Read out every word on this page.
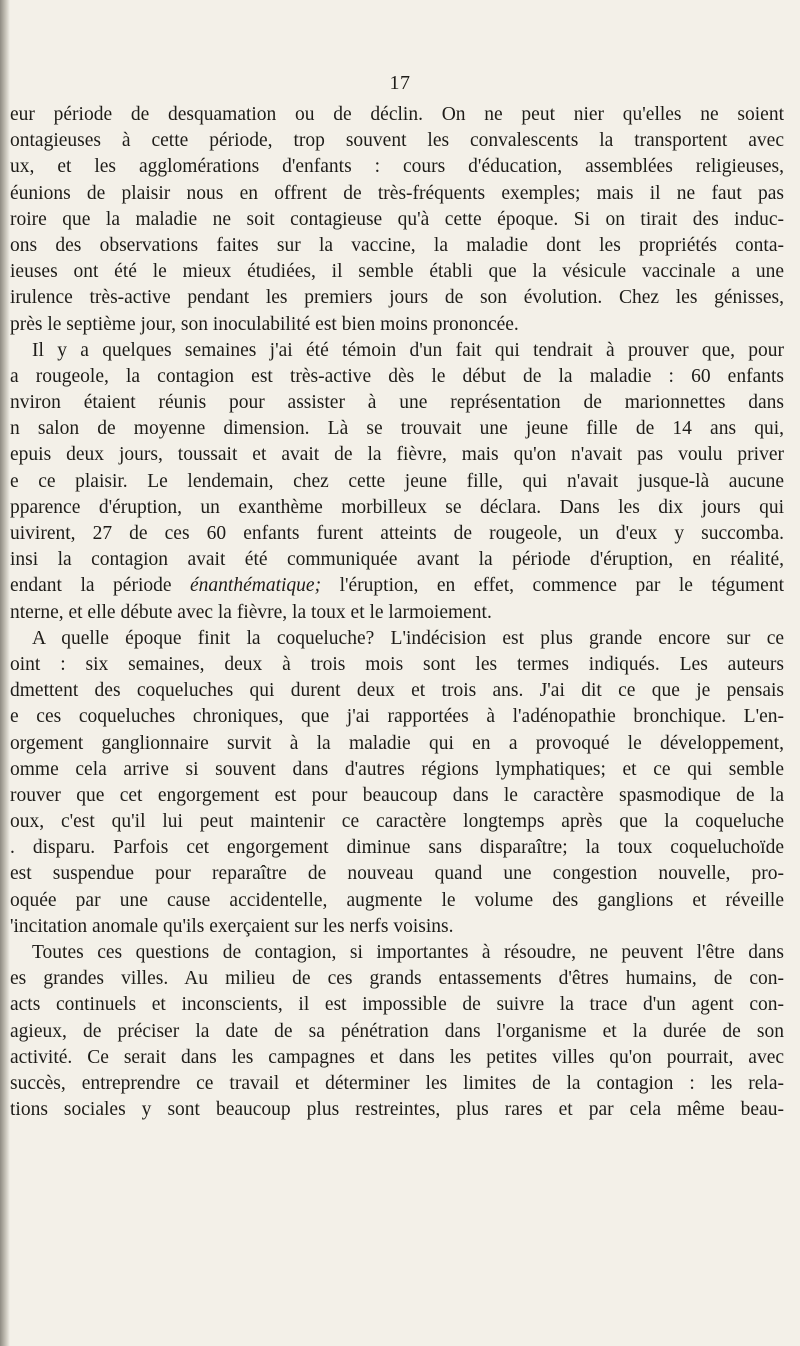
17
eur période de desquamation ou de déclin. On ne peut nier qu'elles ne soient
ontagieuses à cette période, trop souvent les convalescents la transportent avec
ux, et les agglomérations d'enfants : cours d'éducation, assemblées religieuses,
éunions de plaisir nous en offrent de très-fréquents exemples; mais il ne faut pas
roire que la maladie ne soit contagieuse qu'à cette époque. Si on tirait des induc-
ons des observations faites sur la vaccine, la maladie dont les propriétés conta-
ieuses ont été le mieux étudiées, il semble établi que la vésicule vaccinale a une
irulence très-active pendant les premiers jours de son évolution. Chez les génisses,
près le septième jour, son inoculabilité est bien moins prononcée.
Il y a quelques semaines j'ai été témoin d'un fait qui tendrait à prouver que, pour
a rougeole, la contagion est très-active dès le début de la maladie : 60 enfants
nviron étaient réunis pour assister à une représentation de marionnettes dans
n salon de moyenne dimension. Là se trouvait une jeune fille de 14 ans qui,
epuis deux jours, toussait et avait de la fièvre, mais qu'on n'avait pas voulu priver
e ce plaisir. Le lendemain, chez cette jeune fille, qui n'avait jusque-là aucune
pparence d'éruption, un exanthème morbilleux se déclara. Dans les dix jours qui
uivirent, 27 de ces 60 enfants furent atteints de rougeole, un d'eux y succomba.
insi la contagion avait été communiquée avant la période d'éruption, en réalité,
endant la période énanthématique; l'éruption, en effet, commence par le tégument
nterne, et elle débute avec la fièvre, la toux et le larmoiement.
A quelle époque finit la coqueluche? L'indécision est plus grande encore sur ce
oint : six semaines, deux à trois mois sont les termes indiqués. Les auteurs
dmettent des coqueluches qui durent deux et trois ans. J'ai dit ce que je pensais
e ces coqueluches chroniques, que j'ai rapportées à l'adénopathie bronchique. L'en-
orgement ganglionnaire survit à la maladie qui en a provoqué le développement,
omme cela arrive si souvent dans d'autres régions lymphatiques; et ce qui semble
rouver que cet engorgement est pour beaucoup dans le caractère spasmodique de la
oux, c'est qu'il lui peut maintenir ce caractère longtemps après que la coqueluche
. disparu. Parfois cet engorgement diminue sans disparaître; la toux coqueluchoïde
est suspendue pour reparaître de nouveau quand une congestion nouvelle, pro-
oquée par une cause accidentelle, augmente le volume des ganglions et réveille
'incitation anomale qu'ils exerçaient sur les nerfs voisins.
Toutes ces questions de contagion, si importantes à résoudre, ne peuvent l'être dans
es grandes villes. Au milieu de ces grands entassements d'êtres humains, de con-
acts continuels et inconscients, il est impossible de suivre la trace d'un agent con-
agieux, de préciser la date de sa pénétration dans l'organisme et la durée de son
activité. Ce serait dans les campagnes et dans les petites villes qu'on pourrait, avec
succès, entreprendre ce travail et déterminer les limites de la contagion : les rela-
tions sociales y sont beaucoup plus restreintes, plus rares et par cela même beau-
